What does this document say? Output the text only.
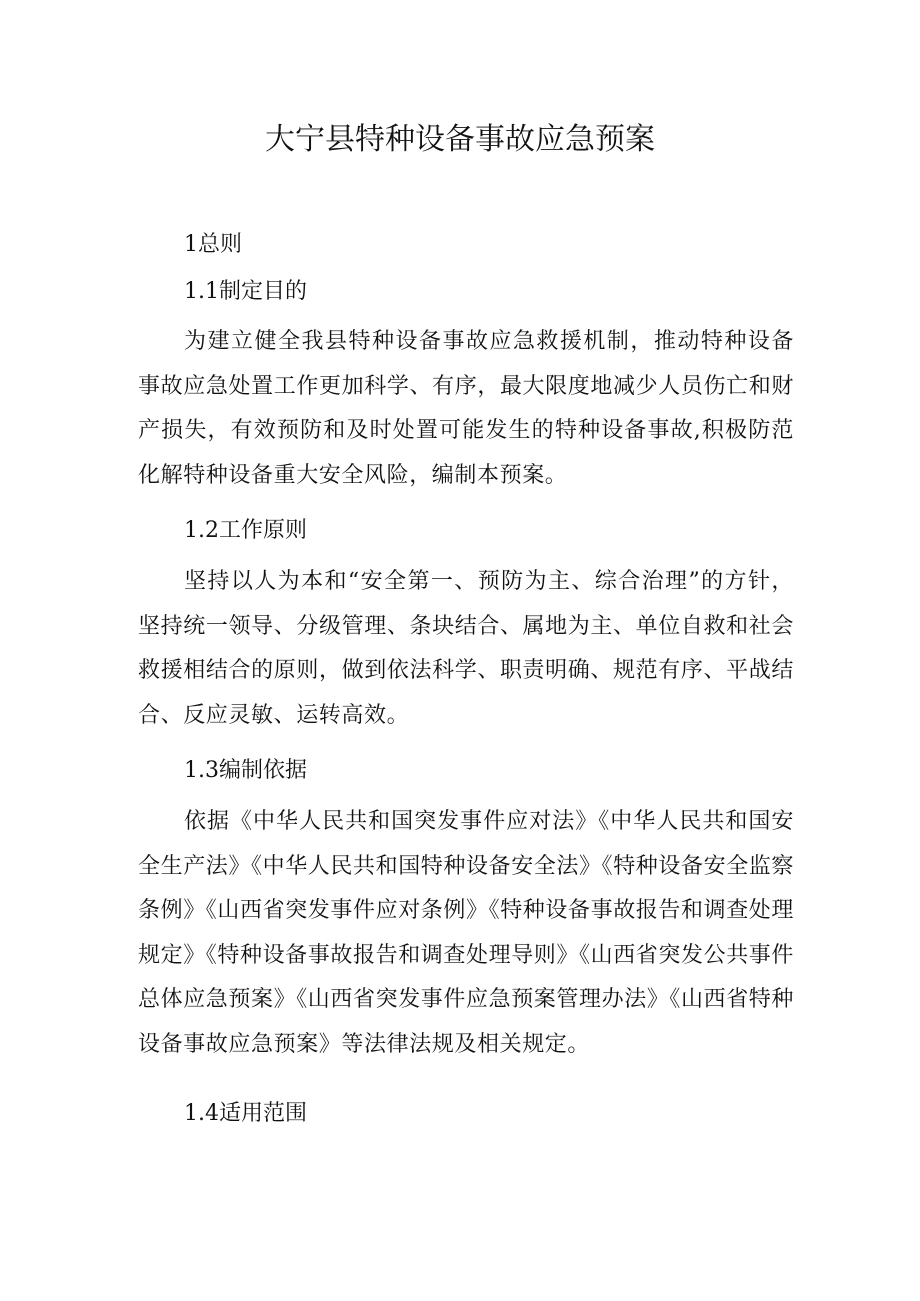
大宁县特种设备事故应急预案
1总则
1.1制定目的
为建立健全我县特种设备事故应急救援机制，推动特种设备事故应急处置工作更加科学、有序，最大限度地减少人员伤亡和财产损失，有效预防和及时处置可能发生的特种设备事故,积极防范化解特种设备重大安全风险，编制本预案。
1.2工作原则
坚持以人为本和“安全第一、预防为主、综合治理”的方针，坚持统一领导、分级管理、条块结合、属地为主、单位自救和社会救援相结合的原则，做到依法科学、职责明确、规范有序、平战结合、反应灵敏、运转高效。
1.3编制依据
依据《中华人民共和国突发事件应对法》《中华人民共和国安全生产法》《中华人民共和国特种设备安全法》《特种设备安全监察条例》《山西省突发事件应对条例》《特种设备事故报告和调查处理规定》《特种设备事故报告和调查处理导则》《山西省突发公共事件总体应急预案》《山西省突发事件应急预案管理办法》《山西省特种设备事故应急预案》等法律法规及相关规定。
1.4适用范围
